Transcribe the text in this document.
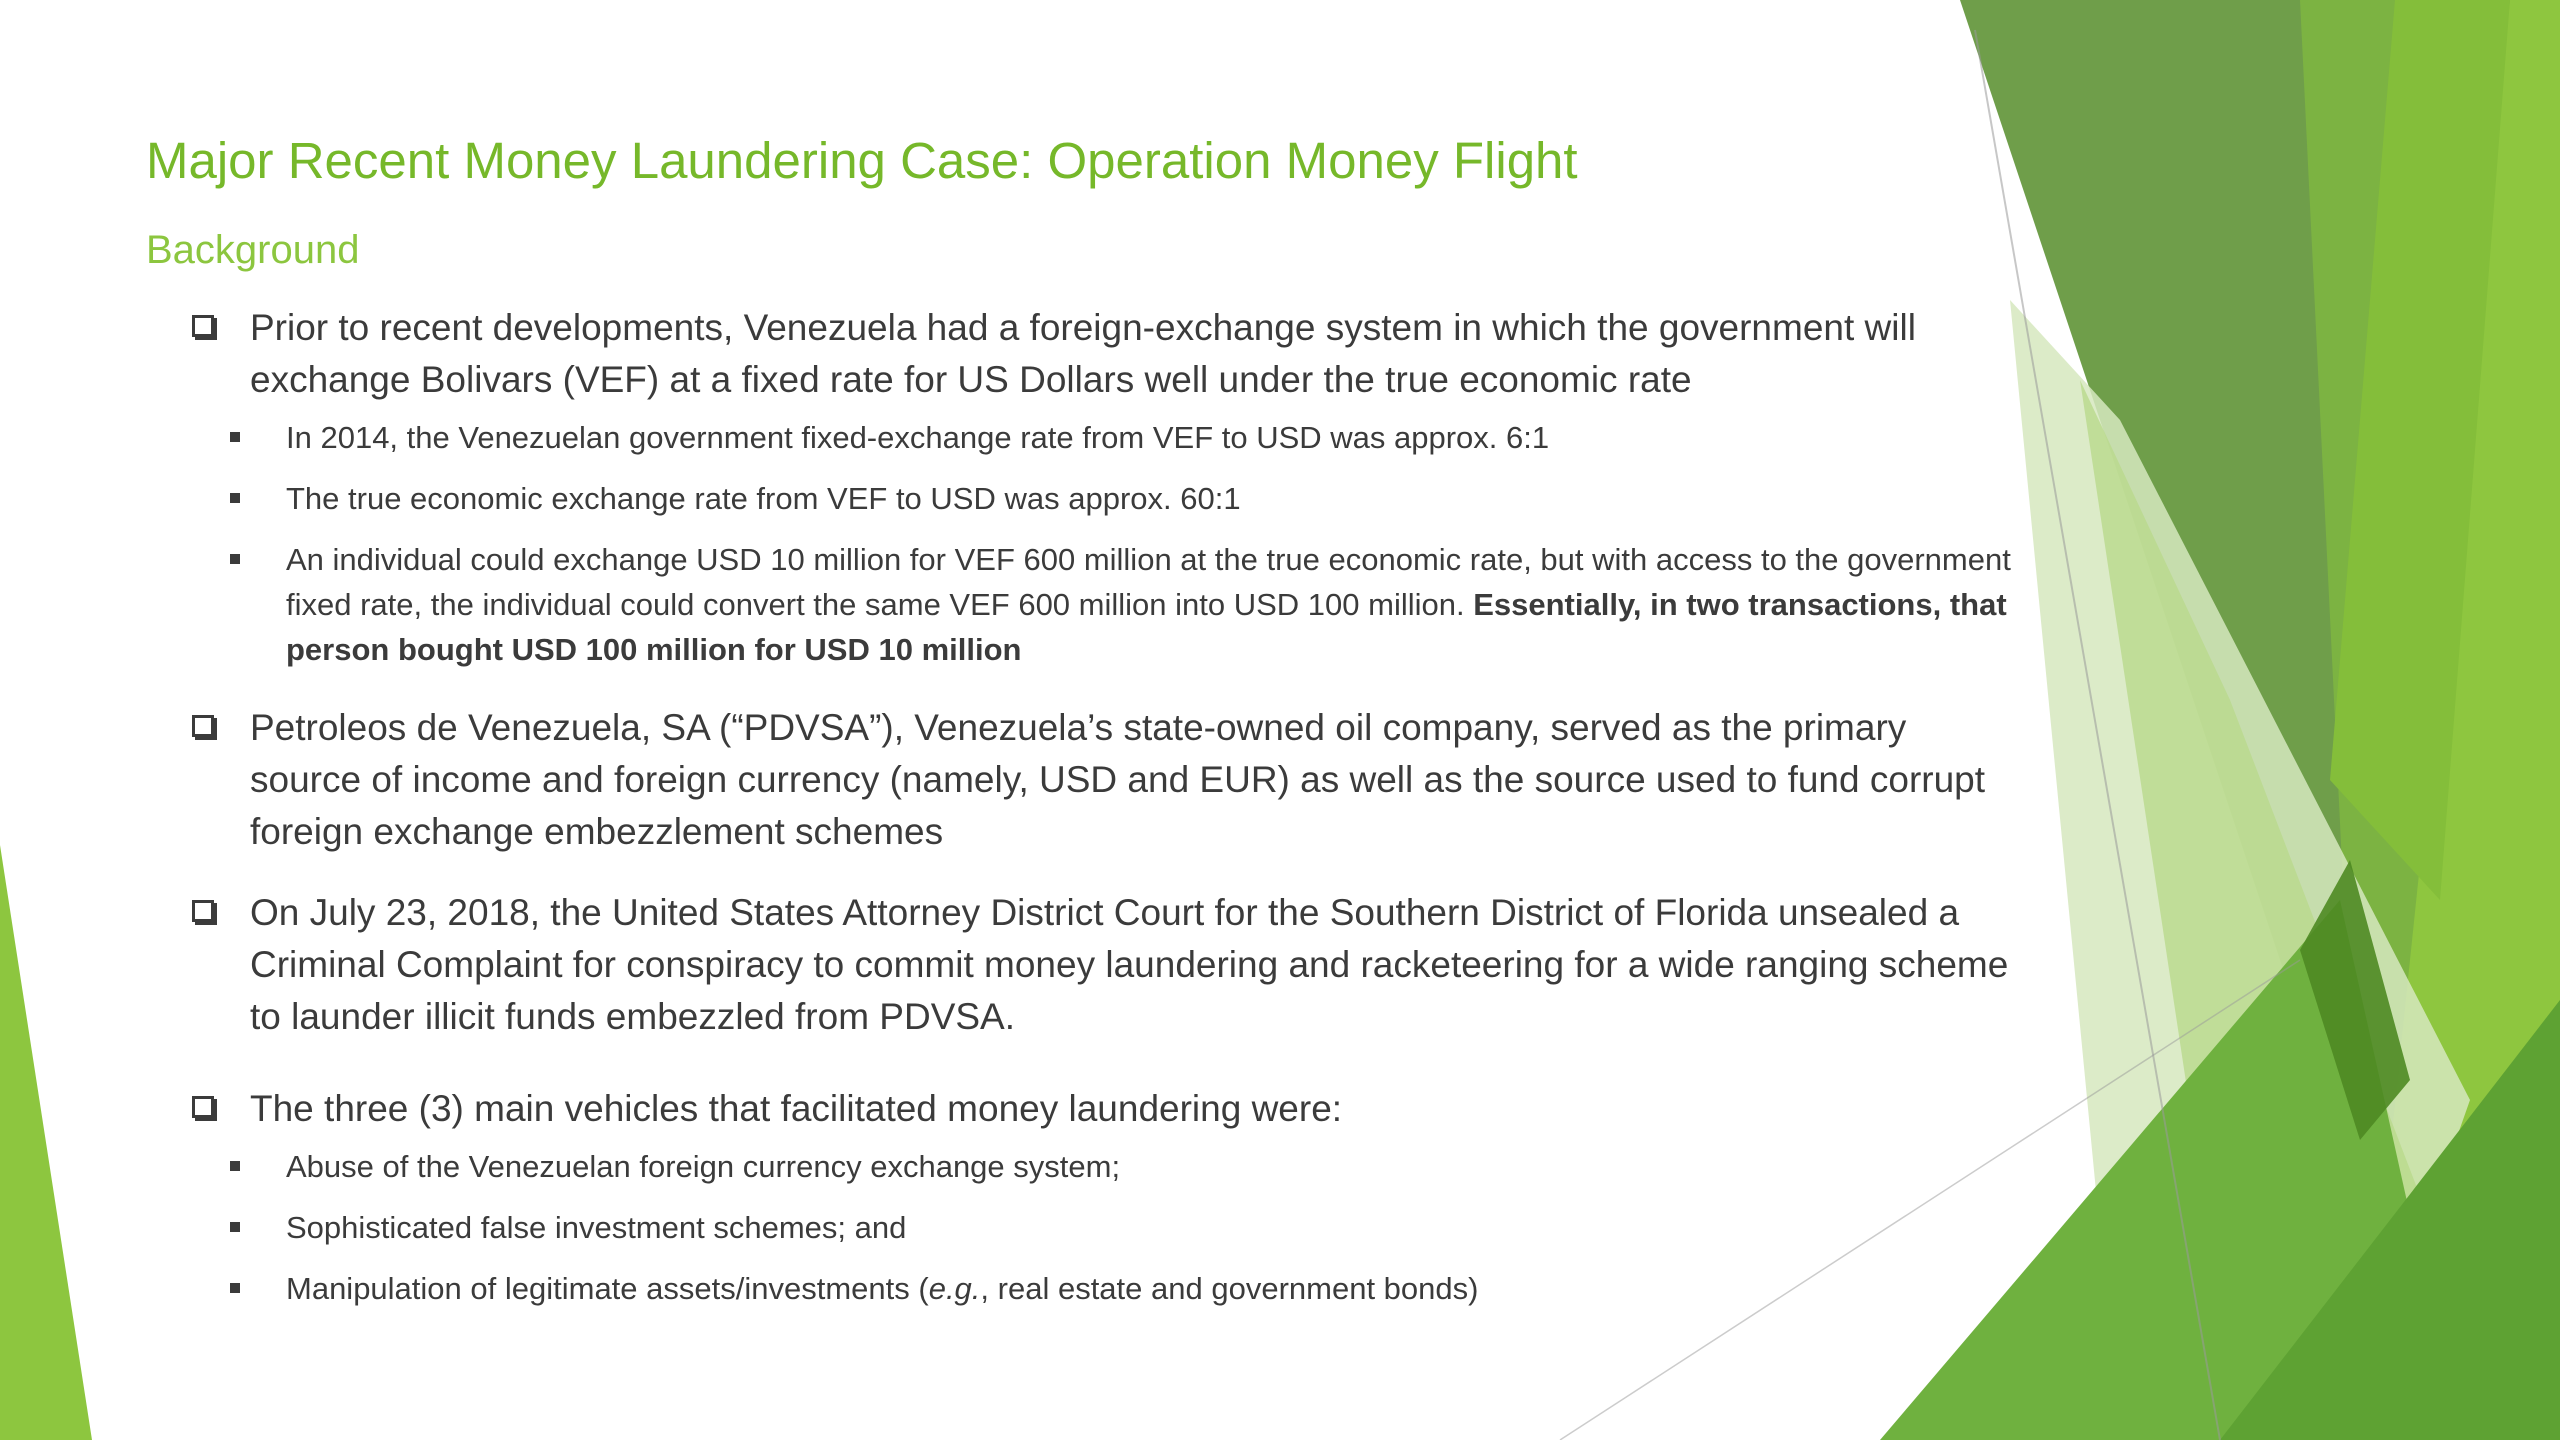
Major Recent Money Laundering Case: Operation Money Flight
Background
Prior to recent developments, Venezuela had a foreign-exchange system in which the government will exchange Bolivars (VEF) at a fixed rate for US Dollars well under the true economic rate
In 2014, the Venezuelan government fixed-exchange rate from VEF to USD was approx. 6:1
The true economic exchange rate from VEF to USD was approx. 60:1
An individual could exchange USD 10 million for VEF 600 million at the true economic rate, but with access to the government fixed rate, the individual could convert the same VEF 600 million into USD 100 million. Essentially, in two transactions, that person bought USD 100 million for USD 10 million
Petroleos de Venezuela, SA (“PDVSA”), Venezuela’s state-owned oil company, served as the primary source of income and foreign currency (namely, USD and EUR) as well as the source used to fund corrupt foreign exchange embezzlement schemes
On July 23, 2018, the United States Attorney District Court for the Southern District of Florida unsealed a Criminal Complaint for conspiracy to commit money laundering and racketeering for a wide ranging scheme to launder illicit funds embezzled from PDVSA.
The three (3) main vehicles that facilitated money laundering were:
Abuse of the Venezuelan foreign currency exchange system;
Sophisticated false investment schemes; and
Manipulation of legitimate assets/investments (e.g., real estate and government bonds)
